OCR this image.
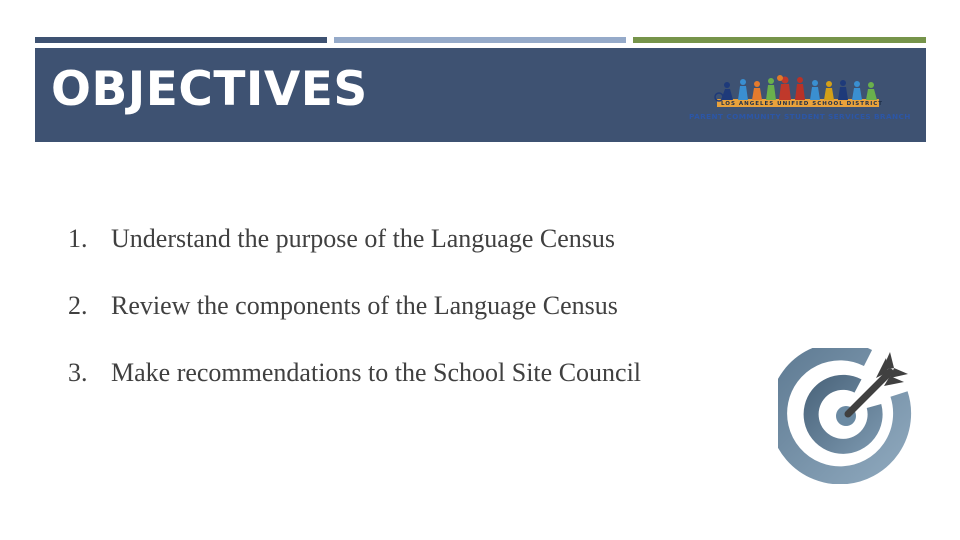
OBJECTIVES	LOS ANGELES UNIFIED SCHOOL DISTRICT
PARENT COMMUNITY STUDENT SERVICES BRANCH
1. Understand the purpose of the Language Census
2. Review the components of the Language Census
3. Make recommendations to the School Site Council
